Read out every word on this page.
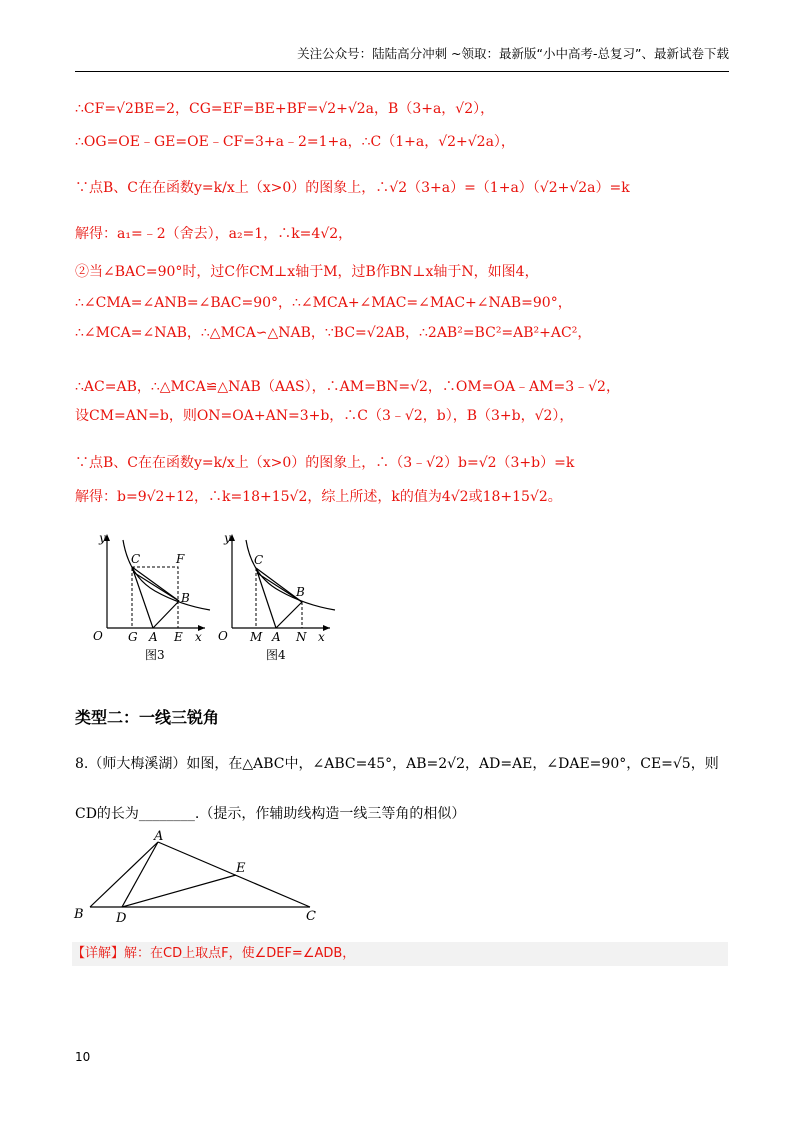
关注公众号：陆陆高分冲刺 ~领取：最新版“小中高考-总复习”、最新试卷下载
∴CF=√2BE=2，CG=EF=BE+BF=√2+√2a，B（3+a，√2），
∴OG=OE﹣GE=OE﹣CF=3+a﹣2=1+a，∴C（1+a，√2+√2a），
∵点B、C在在函数y=k/x上（x>0）的图象上，∴√2（3+a）=（1+a）（√2+√2a）=k
解得：a₁=﹣2（舍去），a₂=1，∴k=4√2，
②当∠BAC=90°时，过C作CM⊥x轴于M，过B作BN⊥x轴于N，如图4，
∴∠CMA=∠ANB=∠BAC=90°，∴∠MCA+∠MAC=∠MAC+∠NAB=90°，
∴∠MCA=∠NAB，∴△MCA∽△NAB，∵BC=√2AB，∴2AB²=BC²=AB²+AC²，
∴AC=AB，∴△MCA≌△NAB（AAS），∴AM=BN=√2，∴OM=OA﹣AM=3﹣√2，
设CM=AN=b，则ON=OA+AN=3+b，∴C（3﹣√2，b），B（3+b，√2），
∵点B、C在在函数y=k/x上（x>0）的图象上，∴（3﹣√2）b=√2（3+b）=k
解得：b=9√2+12，∴k=18+15√2，综上所述，k的值为4√2或18+15√2。
y
O
C	F
B
G A E x
图3
y
O
C
B
M A N x
图4
类型二：一线三锐角
8.（师大梅溪湖）如图，在△ABC中，∠ABC=45°，AB=2√2，AD=AE，∠DAE=90°，CE=√5，则
CD的长为________.（提示，作辅助线构造一线三等角的相似）
A
B D
E
C
【详解】解：在CD上取点F，使∠DEF=∠ADB，
10
